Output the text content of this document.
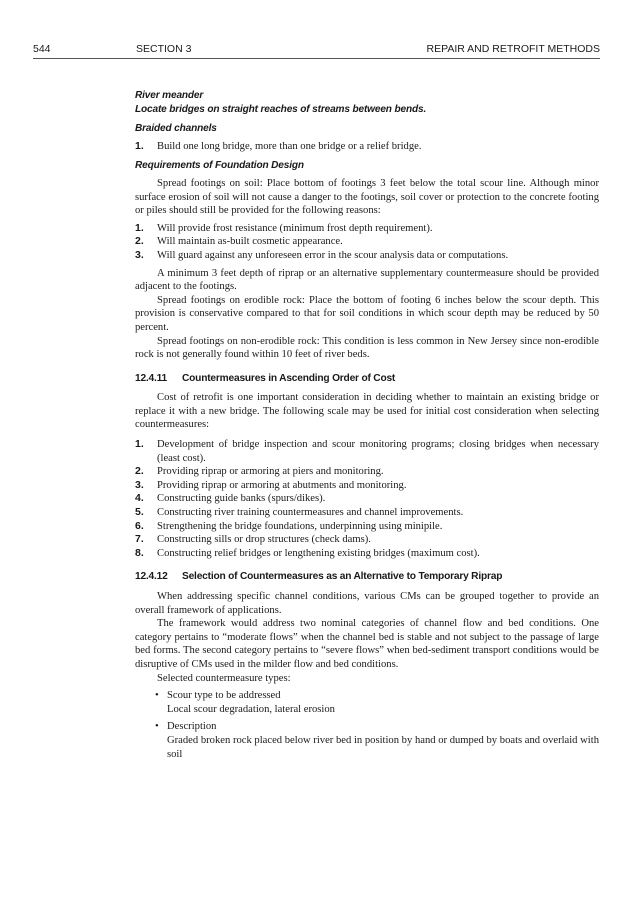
544	SECTION 3	REPAIR AND RETROFIT METHODS

River meander

Locate bridges on straight reaches of streams between bends.

Braided channels

1. Build one long bridge, more than one bridge or a relief bridge.

Requirements of Foundation Design

Spread footings on soil: Place bottom of footings 3 feet below the total scour line. Although minor surface erosion of soil will not cause a danger to the footings, soil cover or protection to the concrete footing or piles should still be provided for the following reasons:

1. Will provide frost resistance (minimum frost depth requirement).
2. Will maintain as-built cosmetic appearance.
3. Will guard against any unforeseen error in the scour analysis data or computations.

A minimum 3 feet depth of riprap or an alternative supplementary countermeasure should be provided adjacent to the footings.

Spread footings on erodible rock: Place the bottom of footing 6 inches below the scour depth. This provision is conservative compared to that for soil conditions in which scour depth may be reduced by 50 percent.

Spread footings on non-erodible rock: This condition is less common in New Jersey since non-erodible rock is not generally found within 10 feet of river beds.

12.4.11 Countermeasures in Ascending Order of Cost

Cost of retrofit is one important consideration in deciding whether to maintain an existing bridge or replace it with a new bridge. The following scale may be used for initial cost consideration when selecting countermeasures:

1. Development of bridge inspection and scour monitoring programs; closing bridges when necessary (least cost).
2. Providing riprap or armoring at piers and monitoring.
3. Providing riprap or armoring at abutments and monitoring.
4. Constructing guide banks (spurs/dikes).
5. Constructing river training countermeasures and channel improvements.
6. Strengthening the bridge foundations, underpinning using minipile.
7. Constructing sills or drop structures (check dams).
8. Constructing relief bridges or lengthening existing bridges (maximum cost).

12.4.12 Selection of Countermeasures as an Alternative to Temporary Riprap

When addressing specific channel conditions, various CMs can be grouped together to provide an overall framework of applications.

The framework would address two nominal categories of channel flow and bed conditions. One category pertains to “moderate flows” when the channel bed is stable and not subject to the passage of large bed forms. The second category pertains to “severe flows” when bed-sediment transport conditions would be disruptive of CMs used in the milder flow and bed conditions.

Selected countermeasure types:

• Scour type to be addressed

Local scour degradation, lateral erosion

• Description

Graded broken rock placed below river bed in position by hand or dumped by boats and overlaid with soil
